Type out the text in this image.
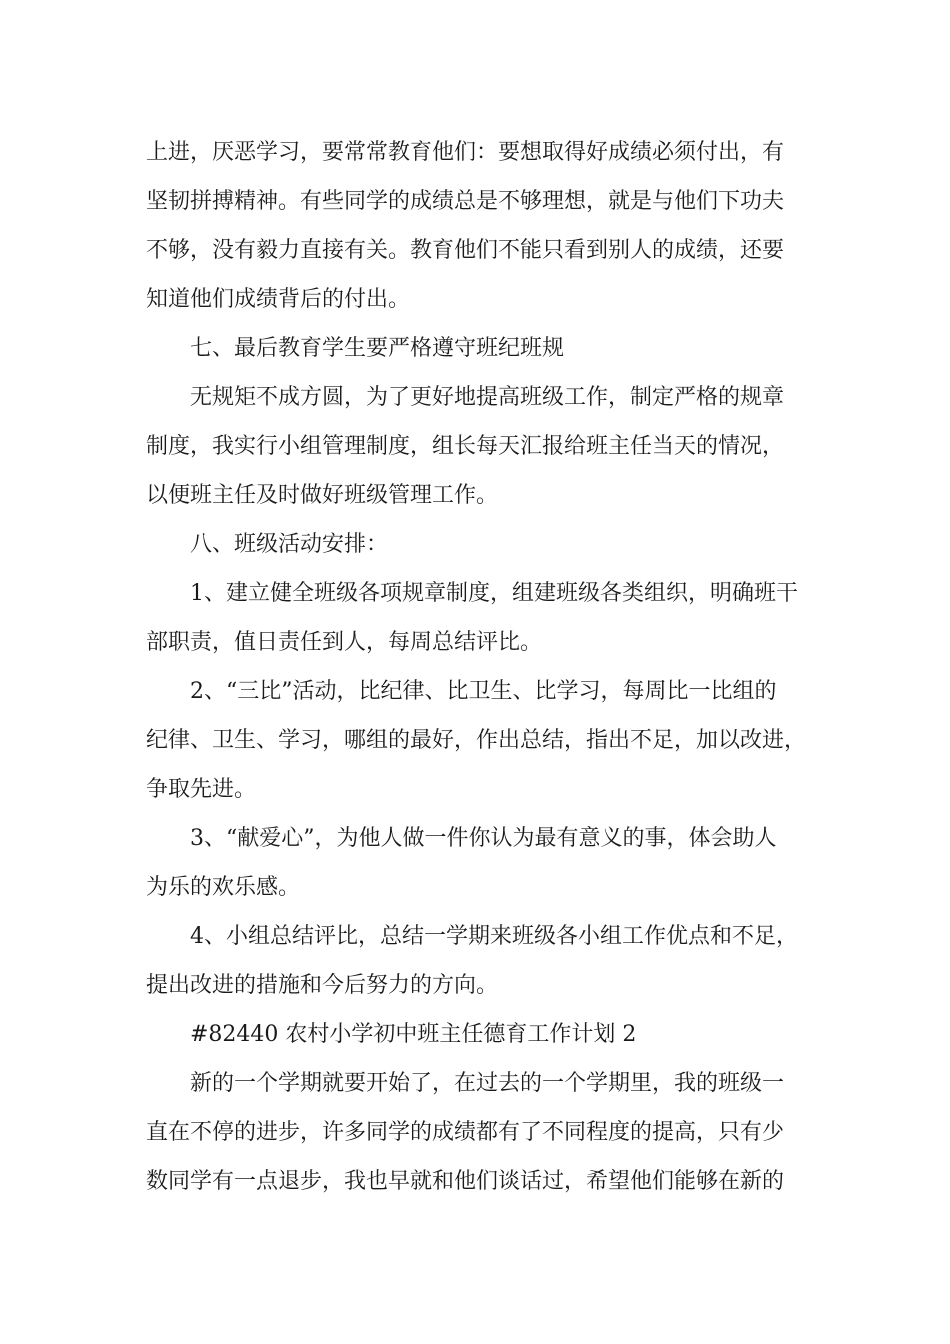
上进，厌恶学习，要常常教育他们：要想取得好成绩必须付出，有
坚韧拼搏精神。有些同学的成绩总是不够理想，就是与他们下功夫
不够，没有毅力直接有关。教育他们不能只看到别人的成绩，还要
知道他们成绩背后的付出。
七、最后教育学生要严格遵守班纪班规
无规矩不成方圆，为了更好地提高班级工作，制定严格的规章
制度，我实行小组管理制度，组长每天汇报给班主任当天的情况，
以便班主任及时做好班级管理工作。
八、班级活动安排：
1、建立健全班级各项规章制度，组建班级各类组织，明确班干
部职责，值日责任到人，每周总结评比。
2、“三比”活动，比纪律、比卫生、比学习，每周比一比组的
纪律、卫生、学习，哪组的最好，作出总结，指出不足，加以改进，
争取先进。
3、“献爱心”，为他人做一件你认为最有意义的事，体会助人
为乐的欢乐感。
4、小组总结评比，总结一学期来班级各小组工作优点和不足，
提出改进的措施和今后努力的方向。
#82440 农村小学初中班主任德育工作计划 2
新的一个学期就要开始了，在过去的一个学期里，我的班级一
直在不停的进步，许多同学的成绩都有了不同程度的提高，只有少
数同学有一点退步，我也早就和他们谈话过，希望他们能够在新的
